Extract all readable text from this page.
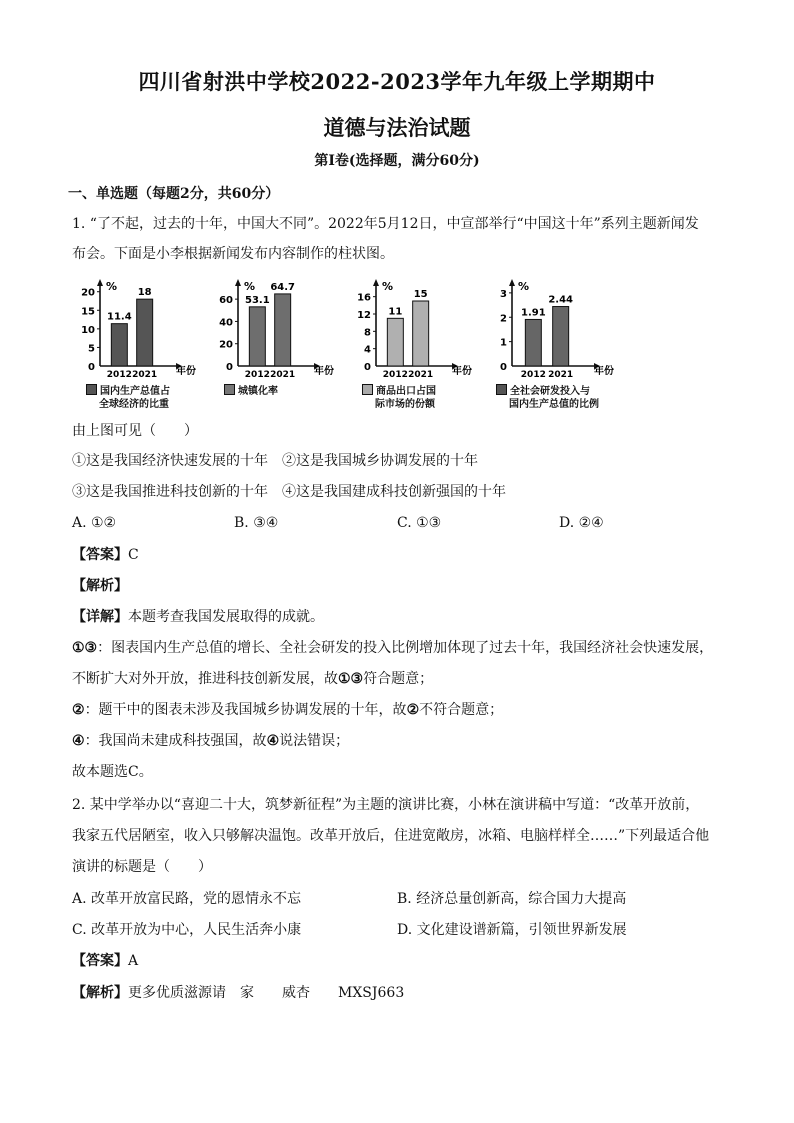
四川省射洪中学校2022-2023学年九年级上学期期中
道德与法治试题
第Ⅰ卷(选择题，满分60分)
一、单选题（每题2分，共60分）
1. “了不起，过去的十年，中国大不同”。2022年5月12日，中宣部举行“中国这十年”系列主题新闻发
布会。下面是小李根据新闻发布内容制作的柱状图。
%
0
5
10
15
20
11.4
2012
18
2021 年份
国内生产总值占
全球经济的比重
%
0
20
40
60 53.1
2012
64.7
2021 年份
城镇化率
%
0
4
8
12
16
11
2012
15
2021 年份
商品出口占国
际市场的份额
%
0
1
2
3
1.91
2012
2.44
2021 年份
全社会研发投入与
国内生产总值的比例
由上图可见（　　）
①这是我国经济快速发展的十年　②这是我国城乡协调发展的十年
③这是我国推进科技创新的十年　④这是我国建成科技创新强国的十年
A. ①②	B. ③④	C. ①③	D. ②④
【答案】C
【解析】
【详解】本题考查我国发展取得的成就。
①③：图表国内生产总值的增长、全社会研发的投入比例增加体现了过去十年，我国经济社会快速发展，
不断扩大对外开放，推进科技创新发展，故①③符合题意；
②：题干中的图表未涉及我国城乡协调发展的十年，故②不符合题意；
④：我国尚未建成科技强国，故④说法错误；
故本题选C。
2. 某中学举办以“喜迎二十大，筑梦新征程”为主题的演讲比赛，小林在演讲稿中写道：“改革开放前，
我家五代居陋室，收入只够解决温饱。改革开放后，住进宽敞房，冰箱、电脑样样全……”下列最适合他
演讲的标题是（　　）
A. 改革开放富民路，党的恩情永不忘	B. 经济总量创新高，综合国力大提高
C. 改革开放为中心，人民生活奔小康	D. 文化建设谱新篇，引领世界新发展
【答案】A
【解析】更多优质滋源请　家　　威杏　　MXSJ663
